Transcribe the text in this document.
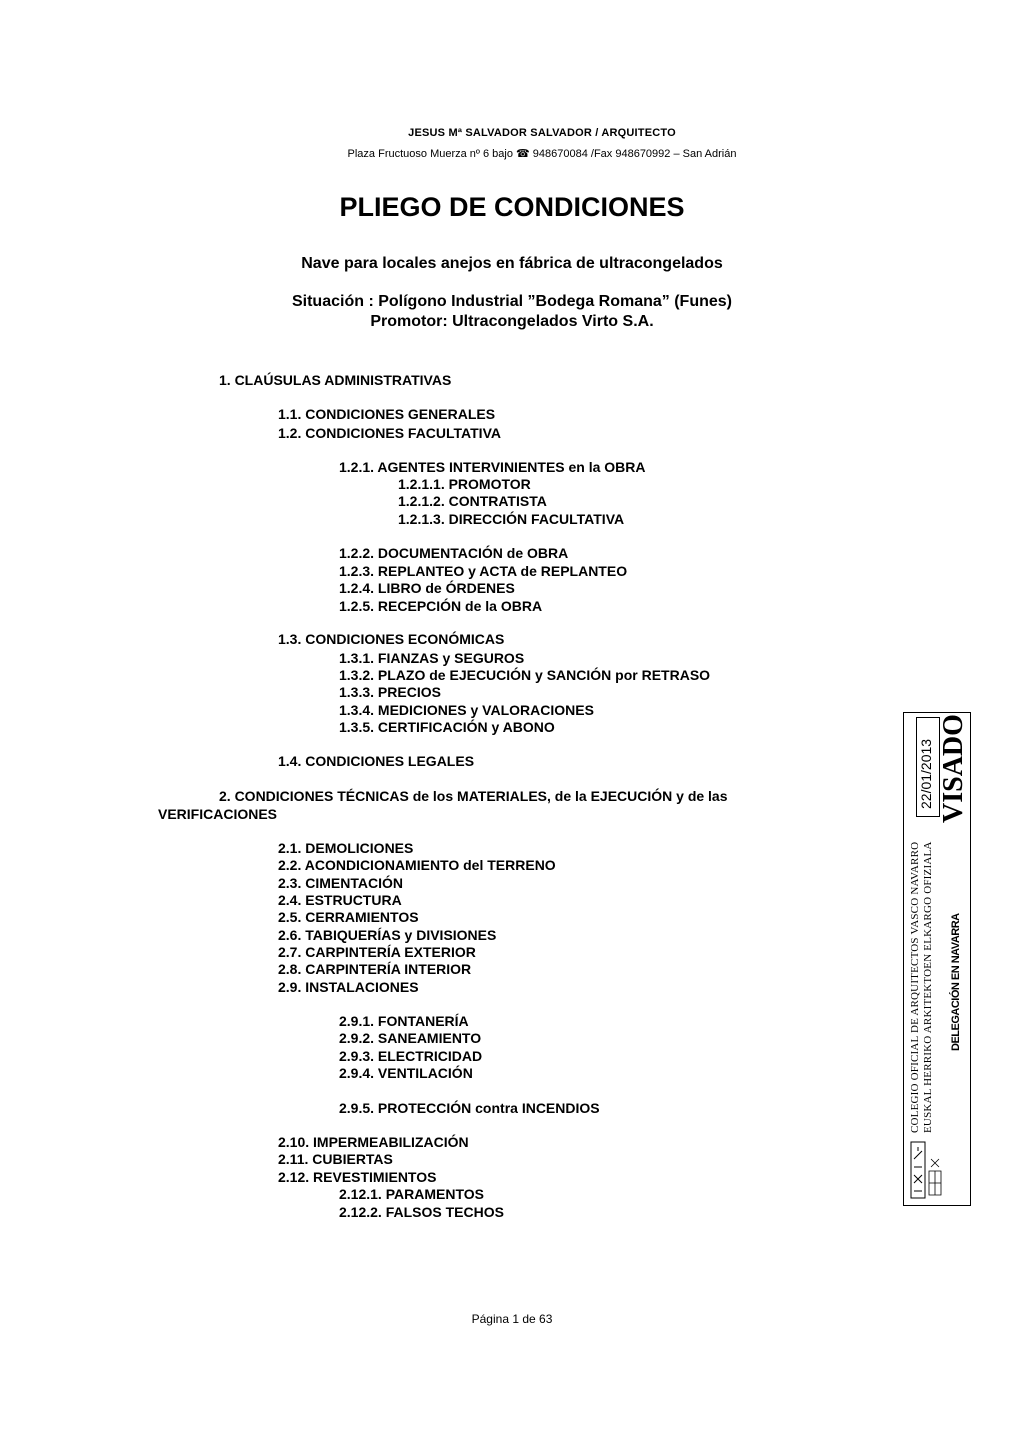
JESUS Mª SALVADOR SALVADOR / ARQUITECTO
Plaza Fructuoso Muerza nº 6 bajo ☎ 948670084 /Fax 948670992 – San Adrián
PLIEGO DE CONDICIONES
Nave para locales anejos en fábrica de ultracongelados
Situación : Polígono Industrial ”Bodega Romana” (Funes)
Promotor: Ultracongelados Virto S.A.
1. CLAÚSULAS ADMINISTRATIVAS
1.1. CONDICIONES GENERALES
1.2. CONDICIONES FACULTATIVA
1.2.1. AGENTES INTERVINIENTES en la OBRA
1.2.1.1. PROMOTOR
1.2.1.2. CONTRATISTA
1.2.1.3. DIRECCIÓN FACULTATIVA
1.2.2. DOCUMENTACIÓN de OBRA
1.2.3. REPLANTEO y ACTA de REPLANTEO
1.2.4. LIBRO de ÓRDENES
1.2.5. RECEPCIÓN de la OBRA
1.3. CONDICIONES ECONÓMICAS
1.3.1. FIANZAS y SEGUROS
1.3.2. PLAZO de EJECUCIÓN y SANCIÓN por RETRASO
1.3.3. PRECIOS
1.3.4. MEDICIONES y VALORACIONES
1.3.5. CERTIFICACIÓN y ABONO
1.4. CONDICIONES LEGALES
2. CONDICIONES TÉCNICAS de los MATERIALES, de la EJECUCIÓN y de las
VERIFICACIONES
2.1. DEMOLICIONES
2.2. ACONDICIONAMIENTO del TERRENO
2.3. CIMENTACIÓN
2.4. ESTRUCTURA
2.5. CERRAMIENTOS
2.6. TABIQUERÍAS y DIVISIONES
2.7. CARPINTERÍA EXTERIOR
2.8. CARPINTERÍA INTERIOR
2.9. INSTALACIONES
2.9.1. FONTANERÍA
2.9.2. SANEAMIENTO
2.9.3. ELECTRICIDAD
2.9.4. VENTILACIÓN
2.9.5. PROTECCIÓN contra INCENDIOS
2.10. IMPERMEABILIZACIÓN
2.11. CUBIERTAS
2.12. REVESTIMIENTOS
2.12.1. PARAMENTOS
2.12.2. FALSOS TECHOS
22/01/2013 VISADO
COLEGIO OFICIAL DE ARQUITECTOS VASCO NAVARRO EUSKAL HERRIKO ARKITEKTOEN ELKARGO OFIZIALA DELEGACIÓN EN NAVARRA
Página 1 de 63
